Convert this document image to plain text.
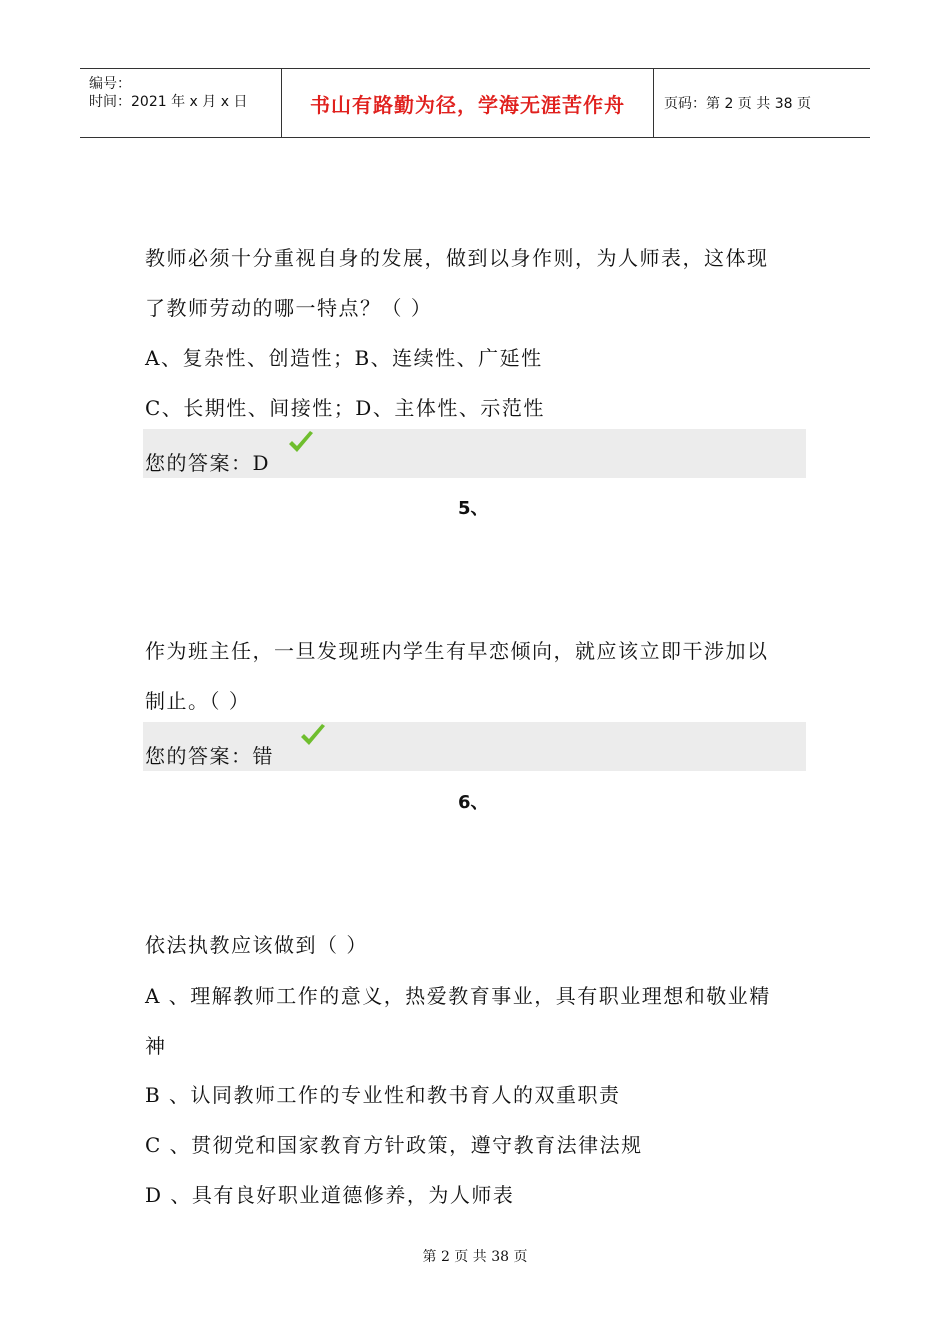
编号：
时间：2021 年 x 月 x 日	书山有路勤为径，学海无涯苦作舟	页码：第 2 页 共 38 页
教师必须十分重视自身的发展，做到以身作则，为人师表，这体现
了教师劳动的哪一特点？（ ）
A、复杂性、创造性；B、连续性、广延性
C、长期性、间接性；D、主体性、示范性
您的答案：D
5、
作为班主任，一旦发现班内学生有早恋倾向，就应该立即干涉加以
制止。（ ）
您的答案：错
6、
依法执教应该做到（ ）
A 、理解教师工作的意义，热爱教育事业，具有职业理想和敬业精
神
B 、认同教师工作的专业性和教书育人的双重职责
C 、贯彻党和国家教育方针政策，遵守教育法律法规
D 、具有良好职业道德修养，为人师表
第 2 页 共 38 页
